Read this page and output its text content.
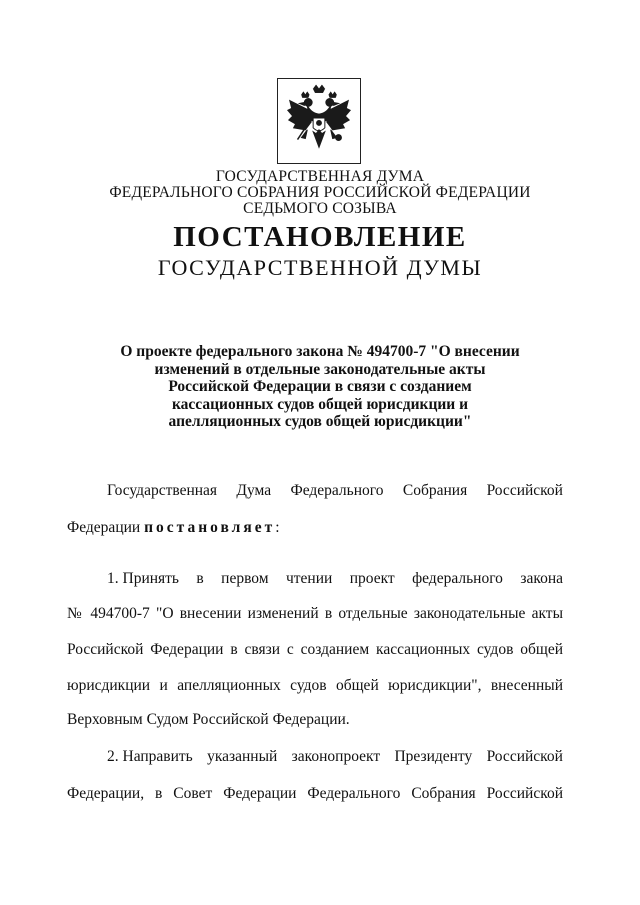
ГОСУДАРСТВЕННАЯ ДУМА
ФЕДЕРАЛЬНОГО СОБРАНИЯ РОССИЙСКОЙ ФЕДЕРАЦИИ
СЕДЬМОГО СОЗЫВА
ПОСТАНОВЛЕНИЕ
ГОСУДАРСТВЕННОЙ ДУМЫ
О проекте федерального закона № 494700-7 "О внесении
изменений в отдельные законодательные акты
Российской Федерации в связи с созданием
кассационных судов общей юрисдикции и
апелляционных судов общей юрисдикции"
Государственная Дума Федерального Собрания Российской
Федерации постановляет:
1. Принять в первом чтении проект федерального закона
№ 494700-7 "О внесении изменений в отдельные законодательные акты
Российской Федерации в связи с созданием кассационных судов общей
юрисдикции и апелляционных судов общей юрисдикции", внесенный
Верховным Судом Российской Федерации.
2. Направить указанный законопроект Президенту Российской
Федерации, в Совет Федерации Федерального Собрания Российской
